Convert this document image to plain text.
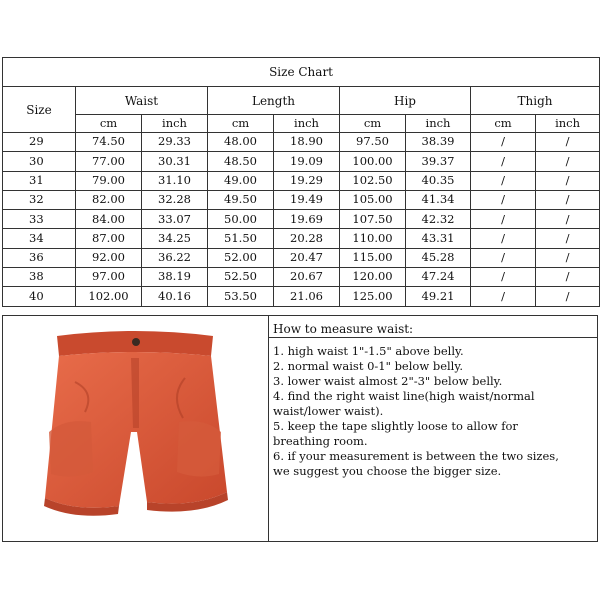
Size Chart								
Size	Waist		Length		Hip		Thigh	
	cm	inch	cm	inch	cm	inch	cm	inch
29	74.50	29.33	48.00	18.90	97.50	38.39	/	/
30	77.00	30.31	48.50	19.09	100.00	39.37	/	/
31	79.00	31.10	49.00	19.29	102.50	40.35	/	/
32	82.00	32.28	49.50	19.49	105.00	41.34	/	/
33	84.00	33.07	50.00	19.69	107.50	42.32	/	/
34	87.00	34.25	51.50	20.28	110.00	43.31	/	/
36	92.00	36.22	52.00	20.47	115.00	45.28	/	/
38	97.00	38.19	52.50	20.67	120.00	47.24	/	/
40	102.00	40.16	53.50	21.06	125.00	49.21	/	/
How to measure waist:
1. high waist 1"-1.5" above belly.
2. normal waist 0-1" below belly.
3. lower waist almost 2"-3" below belly.
4. find the right waist line(high waist/normal
waist/lower waist).
5. keep the tape slightly loose to allow for
breathing room.
6. if your measurement is between the two sizes,
we suggest you choose the bigger size.
